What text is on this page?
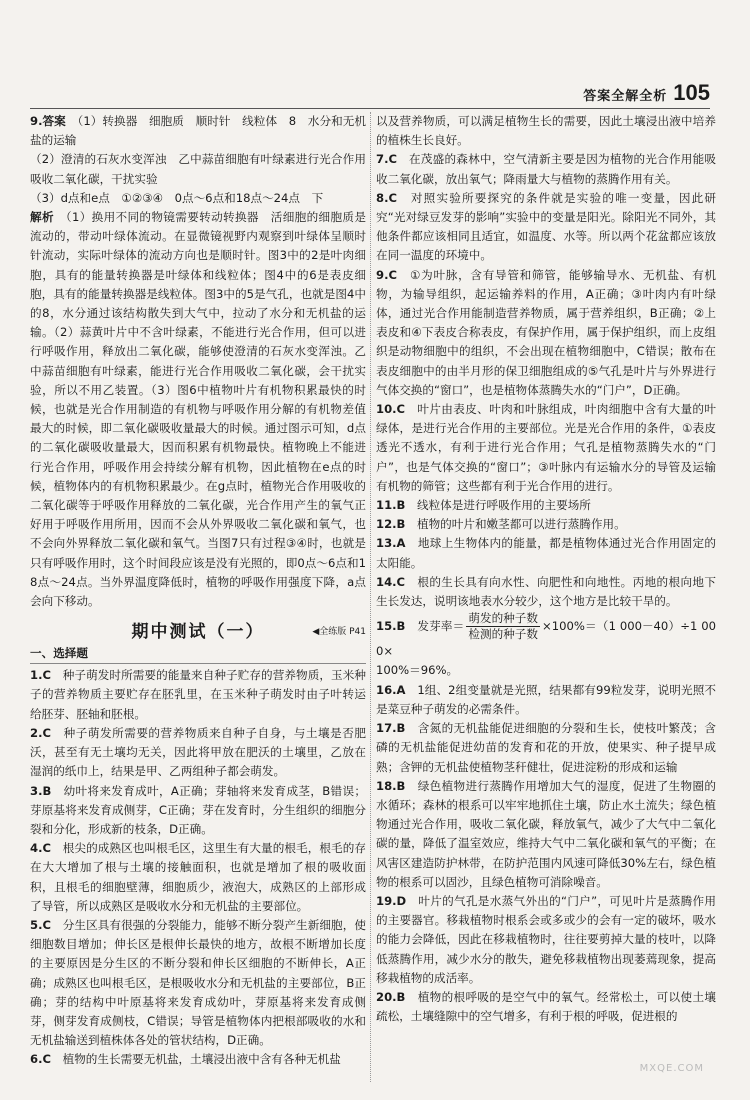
答案全解全析 105

9.答案　 （1）转换器　细胞质　顺时针　线粒体　8　水分和无机盐的运输

（2）澄清的石灰水变浑浊　乙中蒜苗细胞有叶绿素进行光合作用吸收二氧化碳，干扰实验

（3）d点和e点　①②③④　0点～6点和18点～24点　下

解析　 （1）换用不同的物镜需要转动转换器　活细胞的细胞质是流动的，带动叶绿体流动。在显微镜视野内观察到叶绿体呈顺时针流动，实际叶绿体的流动方向也是顺时针。图3中的2是叶肉细胞，具有的能量转换器是叶绿体和线粒体；图4中的6是表皮细胞，具有的能量转换器是线粒体。图3中的5是气孔，也就是图4中的8，水分通过该结构散失到大气中，拉动了水分和无机盐的运输。（2）蒜黄叶片中不含叶绿素，不能进行光合作用，但可以进行呼吸作用，释放出二氧化碳，能够使澄清的石灰水变浑浊。乙中蒜苗细胞有叶绿素，能进行光合作用吸收二氧化碳，会干扰实验，所以不用乙装置。（3）图6中植物叶片有机物积累最快的时候，也就是光合作用制造的有机物与呼吸作用分解的有机物差值最大的时候，即二氧化碳吸收量最大的时候。通过图示可知，d点的二氧化碳吸收量最大，因而积累有机物最快。植物晚上不能进行光合作用，呼吸作用会持续分解有机物，因此植物在e点的时候，植物体内的有机物积累最少。在g点时，植物光合作用吸收的二氧化碳等于呼吸作用释放的二氧化碳，光合作用产生的氧气正好用于呼吸作用所用，因而不会从外界吸收二氧化碳和氧气，也不会向外界释放二氧化碳和氧气。当图7只有过程③④时，也就是只有呼吸作用时，这个时间段应该是没有光照的，即0点～6点和18点～24点。当外界温度降低时，植物的呼吸作用强度下降，a点会向下移动。

期中测试（一）	◀全练版 P41
一、选择题

1.C　 种子萌发时所需要的能量来自种子贮存的营养物质，玉米种子的营养物质主要贮存在胚乳里，在玉米种子萌发时由子叶转运给胚芽、胚轴和胚根。

2.C　 种子萌发所需要的营养物质来自种子自身，与土壤是否肥沃，甚至有无土壤均无关，因此将甲放在肥沃的土壤里，乙放在湿润的纸巾上，结果是甲、乙两组种子都会萌发。

3.B　 幼叶将来发育成叶，A正确；芽轴将来发育成茎，B错误；芽原基将来发育成侧芽，C正确；芽在发育时，分生组织的细胞分裂和分化，形成新的枝条，D正确。

4.C　 根尖的成熟区也叫根毛区，这里生有大量的根毛，根毛的存在大大增加了根与土壤的接触面积，也就是增加了根的吸收面积，且根毛的细胞壁薄，细胞质少，液泡大，成熟区的上部形成了导管，所以成熟区是吸收水分和无机盐的主要部位。

5.C　 分生区具有很强的分裂能力，能够不断分裂产生新细胞，使细胞数目增加；伸长区是根伸长最快的地方，故根不断增加长度的主要原因是分生区的不断分裂和伸长区细胞的不断伸长，A正确；成熟区也叫根毛区，是根吸收水分和无机盐的主要部位，B正确；芽的结构中叶原基将来发育成幼叶，芽原基将来发育成侧芽，侧芽发育成侧枝，C错误；导管是植物体内把根部吸收的水和无机盐输送到植株体各处的管状结构，D正确。

6.C　 植物的生长需要无机盐，土壤浸出液中含有各种无机盐

以及营养物质，可以满足植物生长的需要，因此土壤浸出液中培养的植株生长良好。

7.C　 在茂盛的森林中，空气清新主要是因为植物的光合作用能吸收二氧化碳，放出氧气；降雨量大与植物的蒸腾作用有关。

8.C　 对照实验所要探究的条件就是实验的唯一变量，因此研究“光对绿豆发芽的影响”实验中的变量是阳光。除阳光不同外，其他条件都应该相同且适宜，如温度、水等。所以两个花盆都应该放在同一温度的环境中。

9.C　 ①为叶脉，含有导管和筛管，能够输导水、无机盐、有机物，为输导组织，起运输养料的作用，A正确；③叶肉内有叶绿体，通过光合作用能制造营养物质，属于营养组织，B正确；②上表皮和④下表皮合称表皮，有保护作用，属于保护组织，而上皮组织是动物细胞中的组织，不会出现在植物细胞中，C错误；散布在表皮细胞中的由半月形的保卫细胞组成的⑤气孔是叶片与外界进行气体交换的“窗口”，也是植物体蒸腾失水的“门户”，D正确。

10.C　 叶片由表皮、叶肉和叶脉组成，叶肉细胞中含有大量的叶绿体，是进行光合作用的主要部位。光是光合作用的条件，①表皮透光不透水，有利于进行光合作用；气孔是植物蒸腾失水的“门户”，也是气体交换的“窗口”；③叶脉内有运输水分的导管及运输有机物的筛管；这些都有利于光合作用的进行。

11.B　 线粒体是进行呼吸作用的主要场所

12.B　 植物的叶片和嫩茎都可以进行蒸腾作用。

13.A　 地球上生物体内的能量，都是植物体通过光合作用固定的太阳能。

14.C　 根的生长具有向水性、向肥性和向地性。丙地的根向地下生长发达，说明该地表水分较少，这个地方是比较干旱的。

15.B　 发芽率＝ $\frac{\text{萌发的种子数}}{\text{检测的种子数}} \times 100\%=(1$ 000－40）÷1 000×
100%＝96%。

16.A　 1组、2组变量就是光照，结果都有99粒发芽，说明光照不是菜豆种子萌发的必需条件。

17.B　 含氮的无机盐能促进细胞的分裂和生长，使枝叶繁茂；含磷的无机盐能促进幼苗的发育和花的开放，使果实、种子提早成熟；含钾的无机盐使植物茎秆健壮，促进淀粉的形成和运输

18.B　 绿色植物进行蒸腾作用增加大气的湿度，促进了生物圈的水循环；森林的根系可以牢牢地抓住土壤，防止水土流失；绿色植物通过光合作用，吸收二氧化碳，释放氧气，减少了大气中二氧化碳的量，降低了温室效应，维持大气中二氧化碳和氧气的平衡；在风害区建造防护林带，在防护范围内风速可降低30%左右，绿色植物的根系可以固沙，且绿色植物可消除噪音。

19.D　 叶片的气孔是水蒸气外出的“门户”，可见叶片是蒸腾作用的主要器官。移栽植物时根系会或多或少的会有一定的破坏，吸水的能力会降低，因此在移栽植物时，往往要剪掉大量的枝叶，以降低蒸腾作用，减少水分的散失，避免移栽植物出现萎蔫现象，提高移栽植物的成活率。

20.B　 植物的根呼吸的是空气中的氧气。经常松土，可以使土壤疏松，土壤缝隙中的空气增多，有利于根的呼吸，促进根的

MXQE.COM
